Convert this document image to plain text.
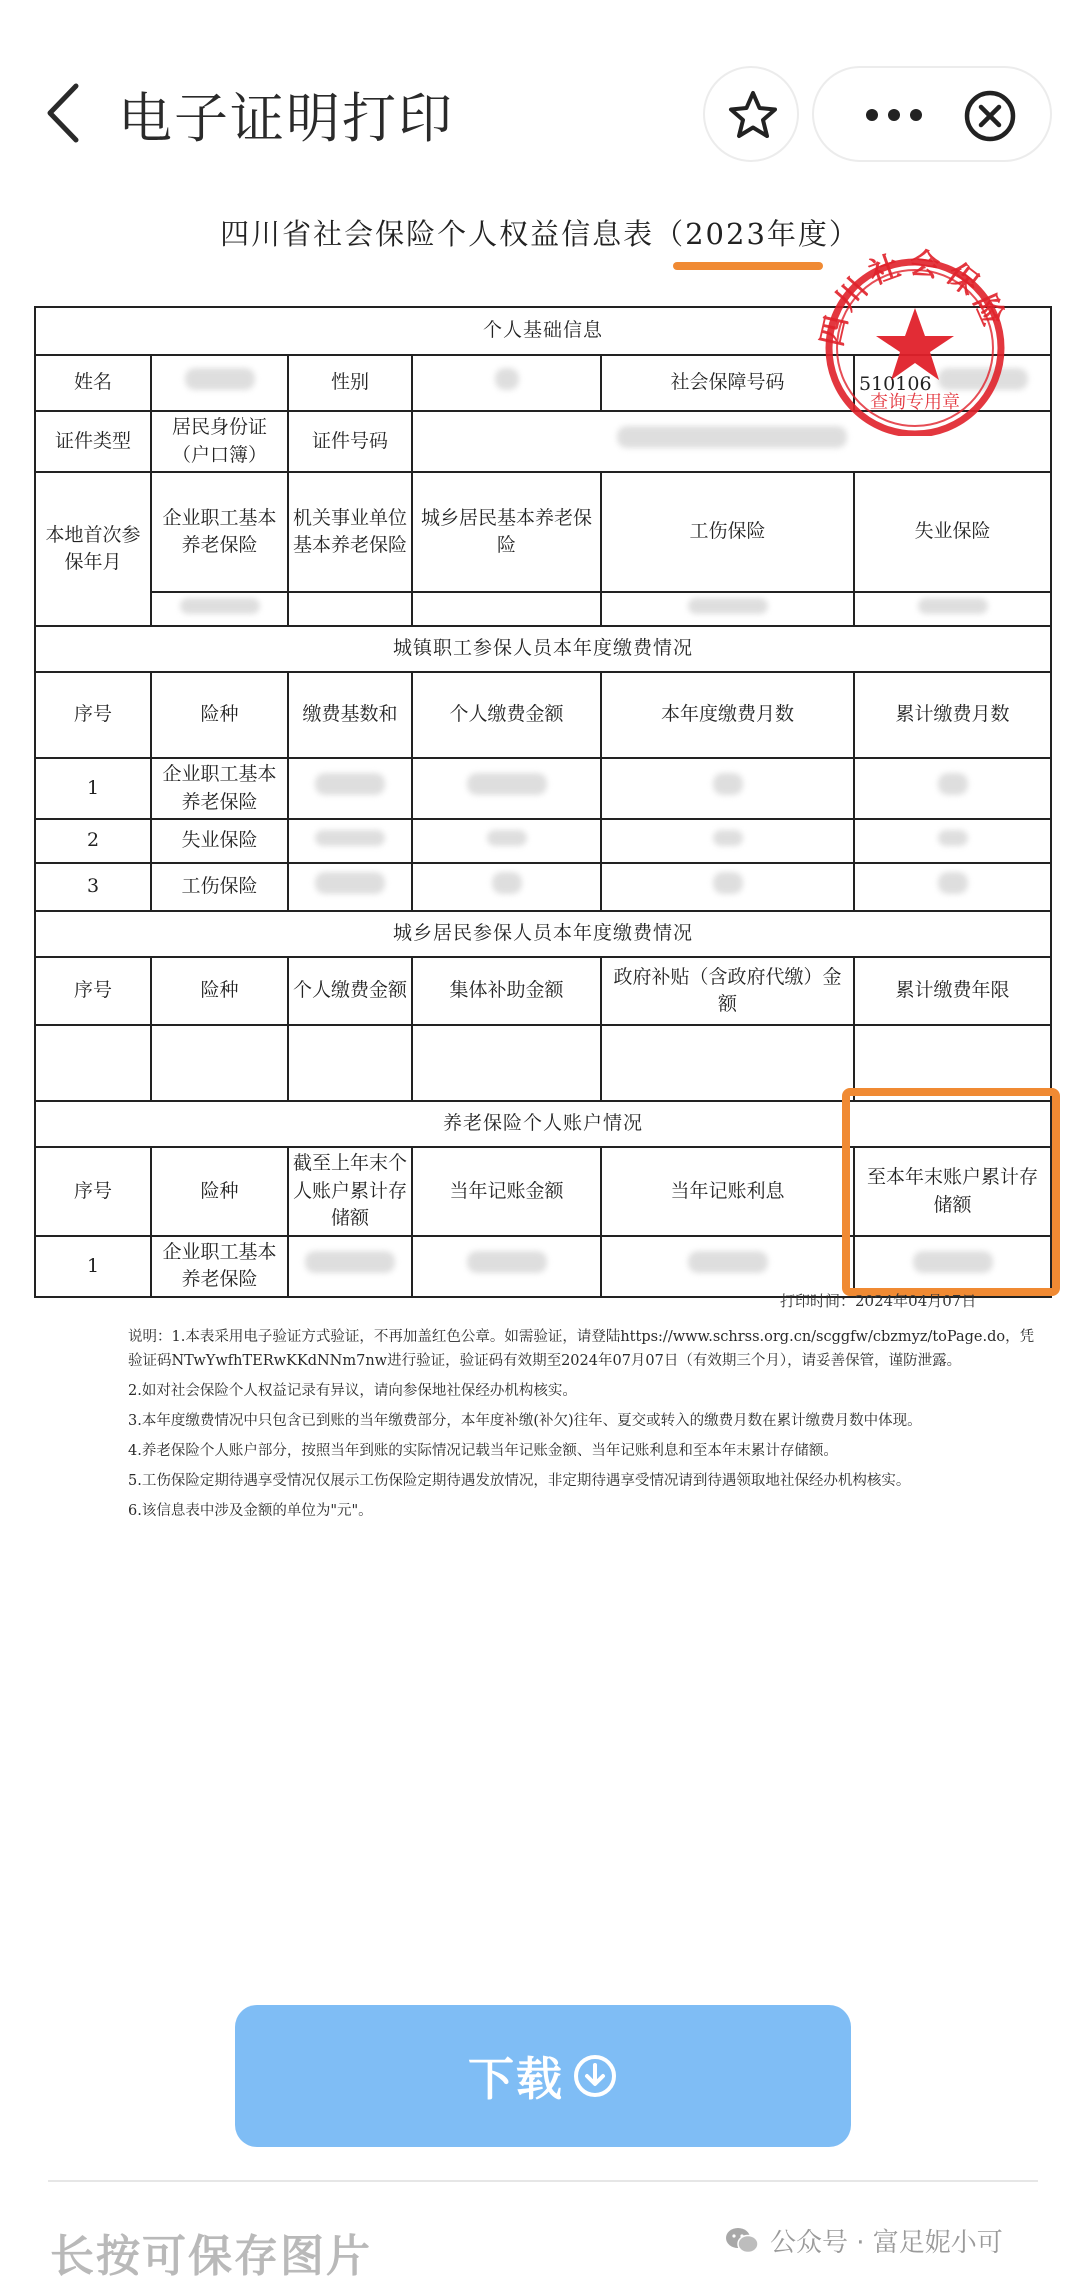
电子证明打印
四川省社会保险个人权益信息表（2023年度）
个人基础信息					
姓名		性别		社会保障号码	510106
证件类型	居民身份证（户口簿）	证件号码			
本地首次参保年月	企业职工基本养老保险	机关事业单位基本养老保险	城乡居民基本养老保险	工伤保险	失业保险

城镇职工参保人员本年度缴费情况					
序号	险种	缴费基数和	个人缴费金额	本年度缴费月数	累计缴费月数
1	企业职工基本养老保险				
2	失业保险				
3	工伤保险				
城乡居民参保人员本年度缴费情况					
序号	险种	个人缴费金额	集体补助金额	政府补贴（含政府代缴）金额	累计缴费年限

养老保险个人账户情况					
序号	险种	截至上年末个人账户累计存储额	当年记账金额	当年记账利息	至本年末账户累计存储额
1	企业职工基本养老保险				
四川社会保险
查询专用章
打印时间：2024年04月07日

说明：1.本表采用电子验证方式验证，不再加盖红色公章。如需验证，请登陆https://www.schrss.org.cn/scggfw/cbzmyz/toPage.do，凭验证码NTwYwfhTERwKKdNNm7nw进行验证，验证码有效期至2024年07月07日（有效期三个月），请妥善保管，谨防泄露。

2.如对社会保险个人权益记录有异议，请向参保地社保经办机构核实。

3.本年度缴费情况中只包含已到账的当年缴费部分，本年度补缴(补欠)往年、夏交或转入的缴费月数在累计缴费月数中体现。

4.养老保险个人账户部分，按照当年到账的实际情况记载当年记账金额、当年记账利息和至本年末累计存储额。

5.工伤保险定期待遇享受情况仅展示工伤保险定期待遇发放情况，非定期待遇享受情况请到待遇领取地社保经办机构核实。

6.该信息表中涉及金额的单位为"元"。

下载
长按可保存图片	公众号 · 富足妮小可
